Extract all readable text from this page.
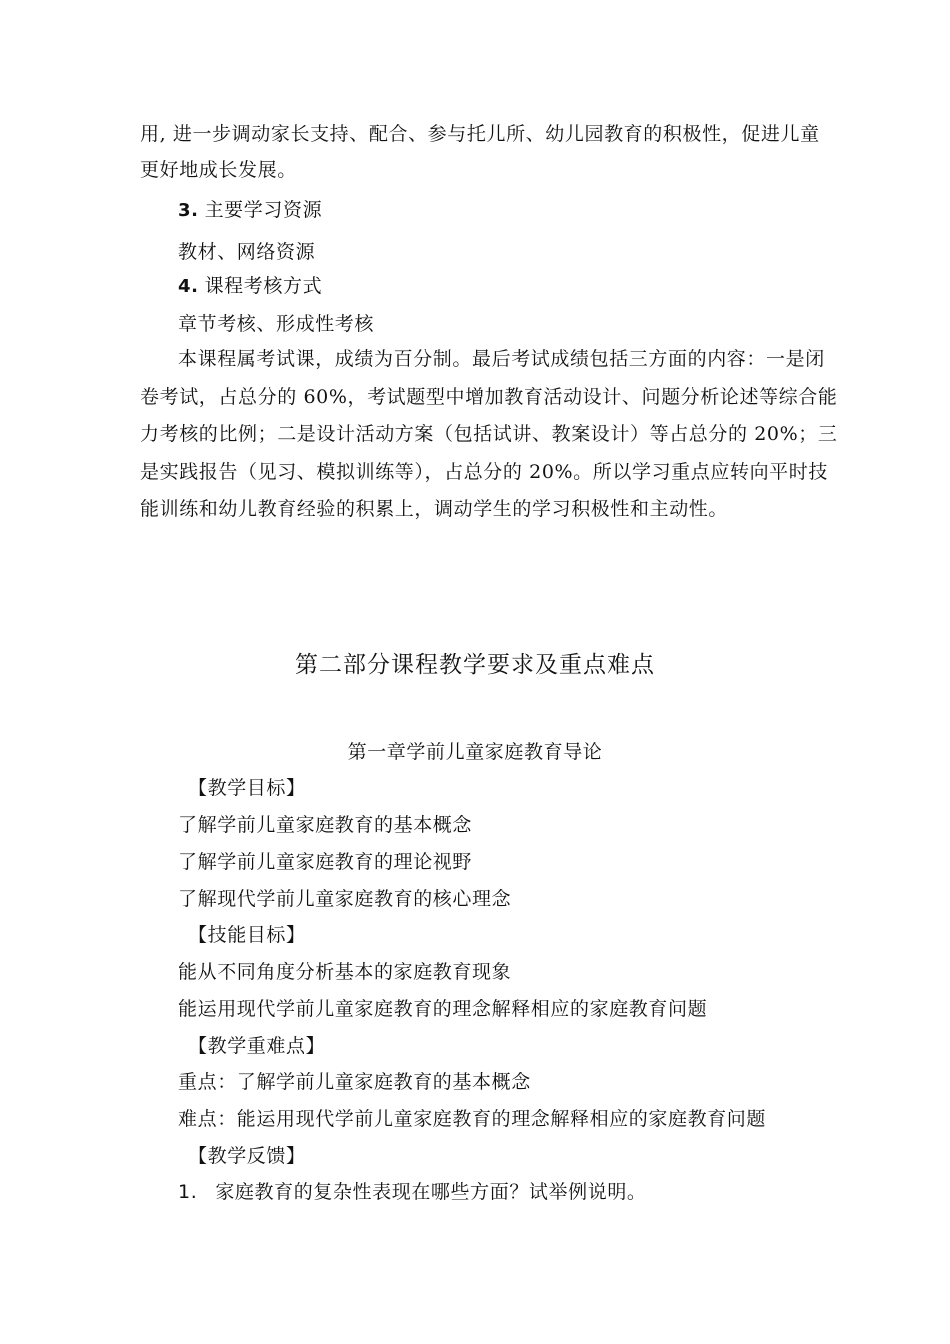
用, 进一步调动家长支持、配合、参与托儿所、幼儿园教育的积极性，促进儿童
更好地成长发展。
3. 主要学习资源
教材、网络资源
4. 课程考核方式
章节考核、形成性考核
本课程属考试课，成绩为百分制。最后考试成绩包括三方面的内容：一是闭
卷考试，占总分的 60%，考试题型中增加教育活动设计、问题分析论述等综合能
力考核的比例；二是设计活动方案（包括试讲、教案设计）等占总分的 20%；三
是实践报告（见习、模拟训练等），占总分的 20%。所以学习重点应转向平时技
能训练和幼儿教育经验的积累上，调动学生的学习积极性和主动性。
第二部分课程教学要求及重点难点
第一章学前儿童家庭教育导论
【教学目标】
了解学前儿童家庭教育的基本概念
了解学前儿童家庭教育的理论视野
了解现代学前儿童家庭教育的核心理念
【技能目标】
能从不同角度分析基本的家庭教育现象
能运用现代学前儿童家庭教育的理念解释相应的家庭教育问题
【教学重难点】
重点：了解学前儿童家庭教育的基本概念
难点：能运用现代学前儿童家庭教育的理念解释相应的家庭教育问题
【教学反馈】
1. 家庭教育的复杂性表现在哪些方面？试举例说明。
